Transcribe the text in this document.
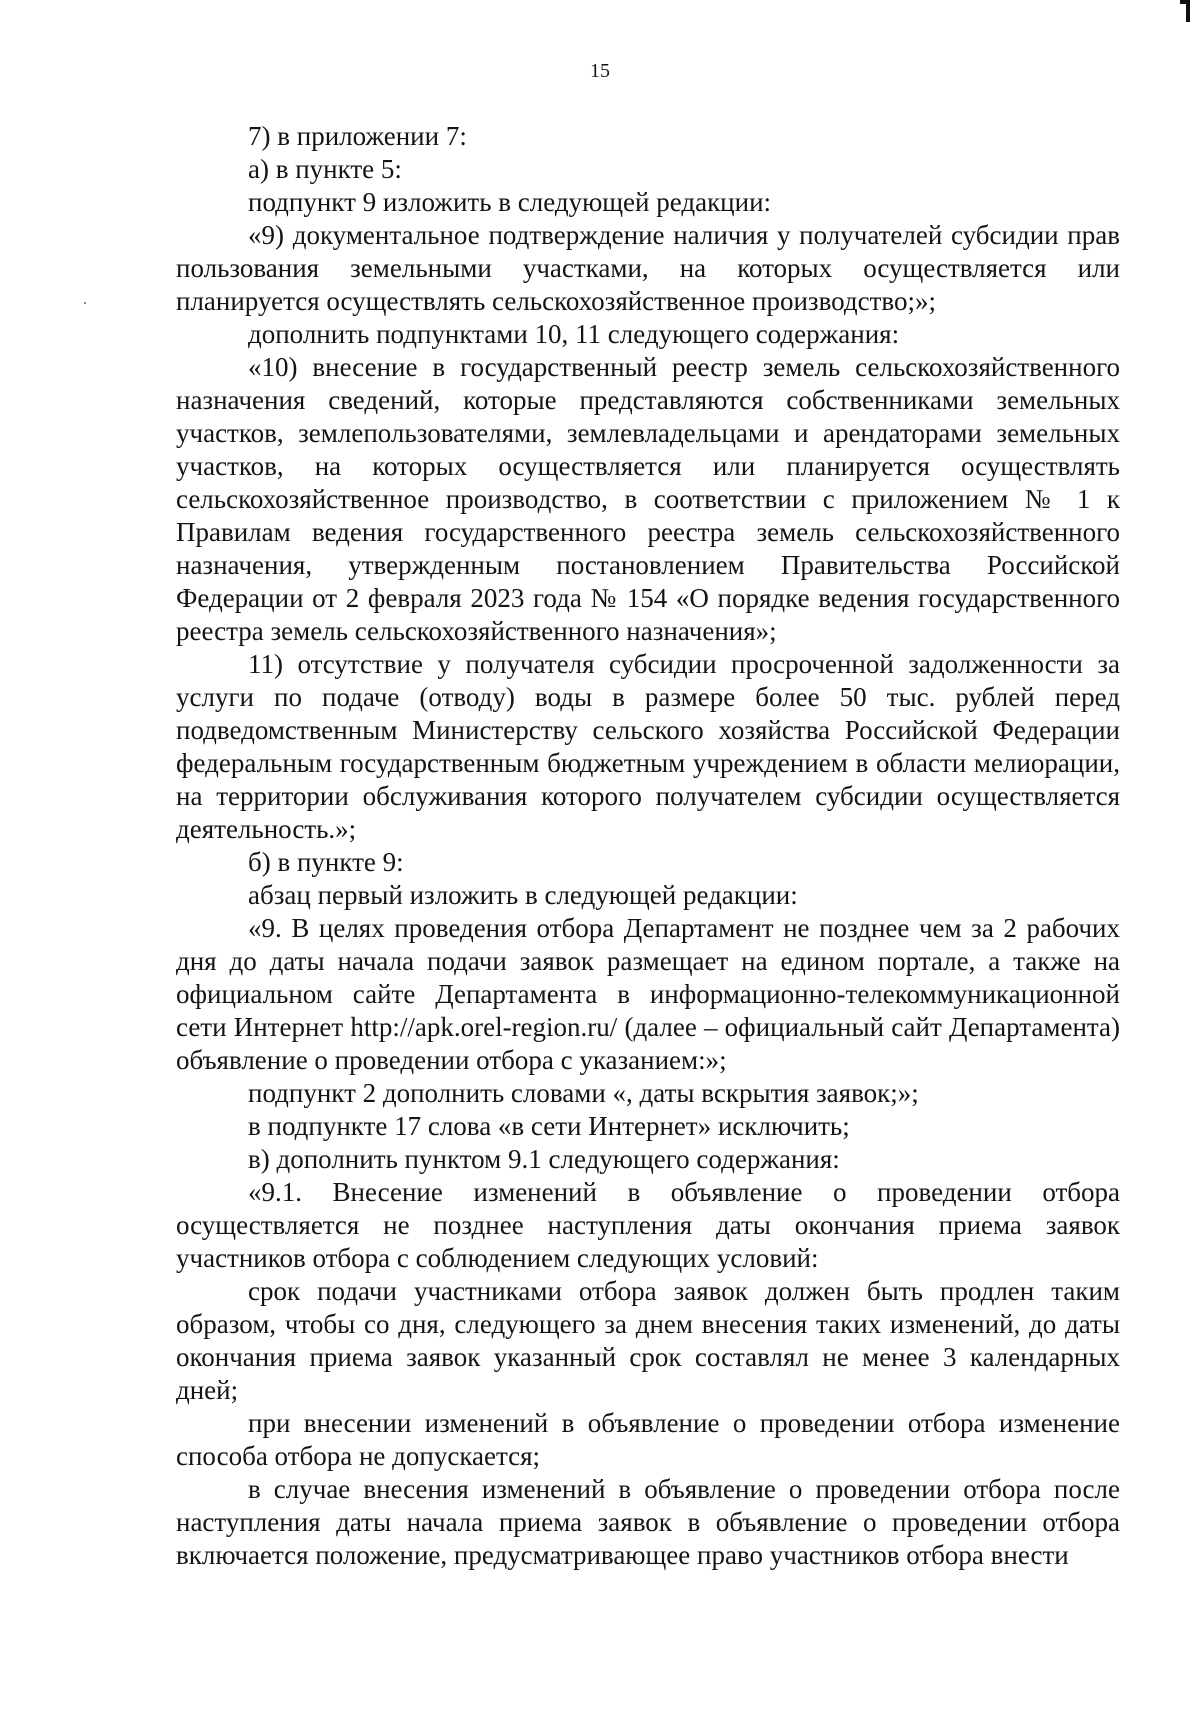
15

7) в приложении 7:

а) в пункте 5:

подпункт 9 изложить в следующей редакции:

«9) документальное подтверждение наличия у получателей субсидии прав пользования земельными участками, на которых осуществляется или планируется осуществлять сельскохозяйственное производство;»;

дополнить подпунктами 10, 11 следующего содержания:

«10) внесение в государственный реестр земель сельскохозяйственного назначения сведений, которые представляются собственниками земельных участков, землепользователями, землевладельцами и арендаторами земельных участков, на которых осуществляется или планируется осуществлять сельскохозяйственное производство, в соответствии с приложением № 1 к Правилам ведения государственного реестра земель сельскохозяйственного назначения, утвержденным постановлением Правительства Российской Федерации от 2 февраля 2023 года № 154 «О порядке ведения государственного реестра земель сельскохозяйственного назначения»;

11) отсутствие у получателя субсидии просроченной задолженности за услуги по подаче (отводу) воды в размере более 50 тыс. рублей перед подведомственным Министерству сельского хозяйства Российской Федерации федеральным государственным бюджетным учреждением в области мелиорации, на территории обслуживания которого получателем субсидии осуществляется деятельность.»;

б) в пункте 9:

абзац первый изложить в следующей редакции:

«9. В целях проведения отбора Департамент не позднее чем за 2 рабочих дня до даты начала подачи заявок размещает на едином портале, а также на официальном сайте Департамента в информационно-телекоммуникационной сети Интернет http://apk.orel-region.ru/ (далее – официальный сайт Департамента) объявление о проведении отбора с указанием:»;

подпункт 2 дополнить словами «, даты вскрытия заявок;»;

в подпункте 17 слова «в сети Интернет» исключить;

в) дополнить пунктом 9.1 следующего содержания:

«9.1. Внесение изменений в объявление о проведении отбора осуществляется не позднее наступления даты окончания приема заявок участников отбора с соблюдением следующих условий:

срок подачи участниками отбора заявок должен быть продлен таким образом, чтобы со дня, следующего за днем внесения таких изменений, до даты окончания приема заявок указанный срок составлял не менее 3 календарных дней;

при внесении изменений в объявление о проведении отбора изменение способа отбора не допускается;

в случае внесения изменений в объявление о проведении отбора после наступления даты начала приема заявок в объявление о проведении отбора включается положение, предусматривающее право участников отбора внести
